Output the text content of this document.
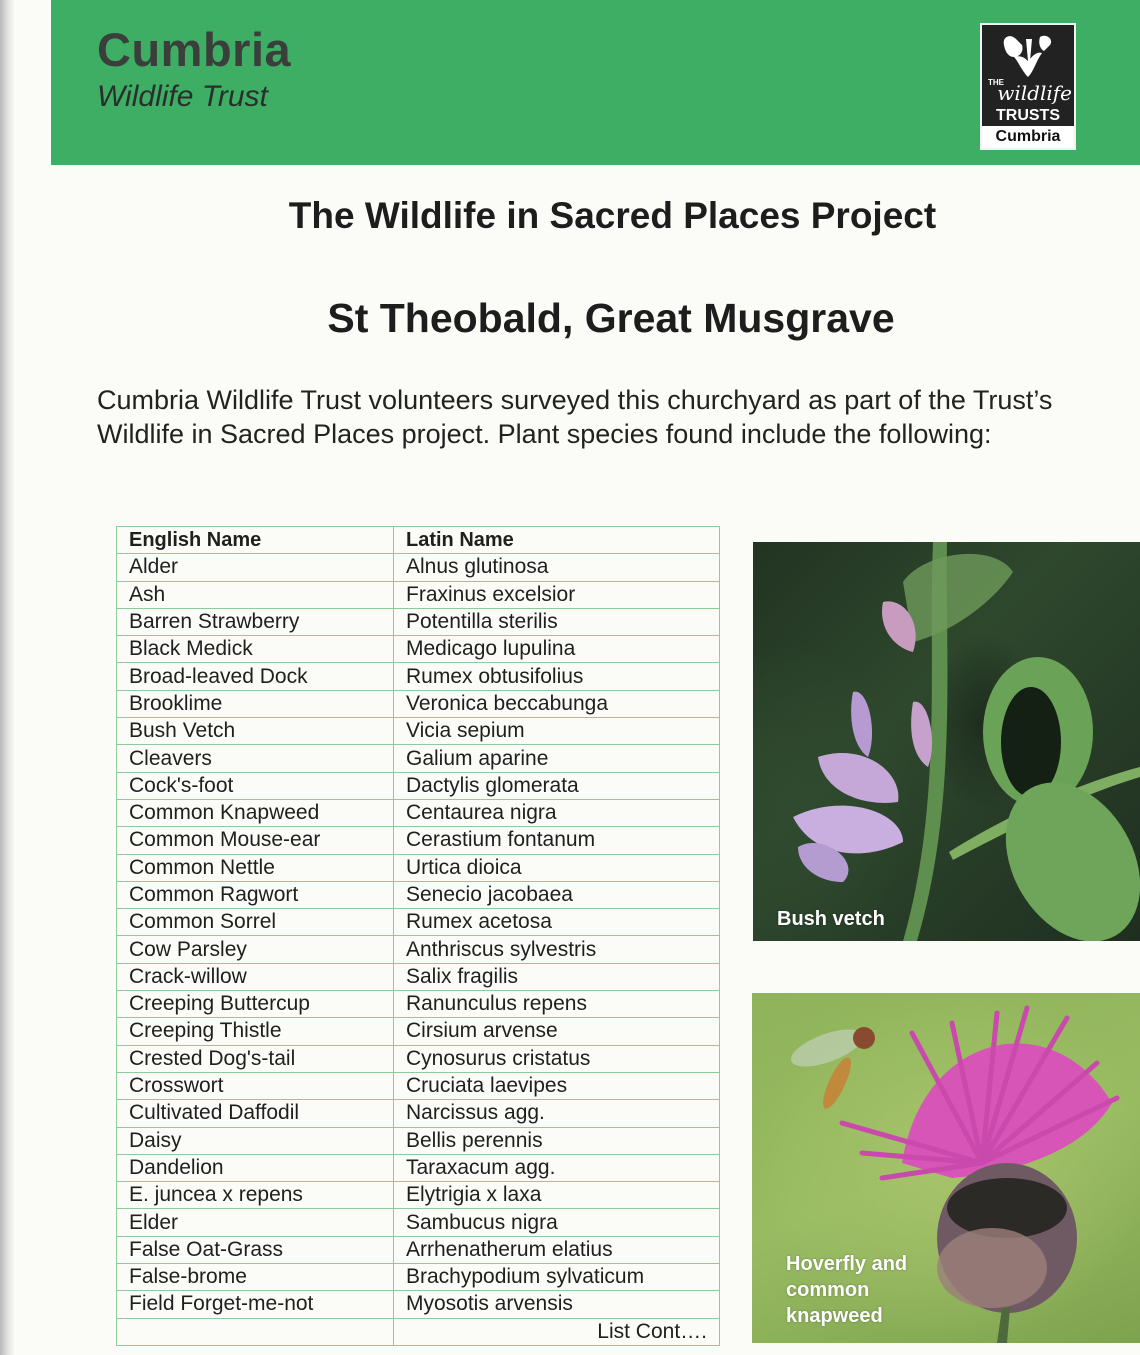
Cumbria
Wildlife Trust	THE
wildlife
TRUSTS
Cumbria
The Wildlife in Sacred Places Project
St Theobald, Great Musgrave
Cumbria Wildlife Trust volunteers surveyed this churchyard as part of the Trust’s Wildlife in Sacred Places project. Plant species found include the following:
English Name	Latin Name
Alder	Alnus glutinosa
Ash	Fraxinus excelsior
Barren Strawberry	Potentilla sterilis
Black Medick	Medicago lupulina
Broad-leaved Dock	Rumex obtusifolius
Brooklime	Veronica beccabunga
Bush Vetch	Vicia sepium
Cleavers	Galium aparine
Cock's-foot	Dactylis glomerata
Common Knapweed	Centaurea nigra
Common Mouse-ear	Cerastium fontanum
Common Nettle	Urtica dioica
Common Ragwort	Senecio jacobaea
Common Sorrel	Rumex acetosa
Cow Parsley	Anthriscus sylvestris
Crack-willow	Salix fragilis
Creeping Buttercup	Ranunculus repens
Creeping Thistle	Cirsium arvense
Crested Dog's-tail	Cynosurus cristatus
Crosswort	Cruciata laevipes
Cultivated Daffodil	Narcissus agg.
Daisy	Bellis perennis
Dandelion	Taraxacum agg.
E. juncea x repens	Elytrigia x laxa
Elder	Sambucus nigra
False Oat-Grass	Arrhenatherum elatius
False-brome	Brachypodium sylvaticum
Field Forget-me-not	Myosotis arvensis
	List Cont….
Bush vetch
Hoverfly and
common
knapweed
